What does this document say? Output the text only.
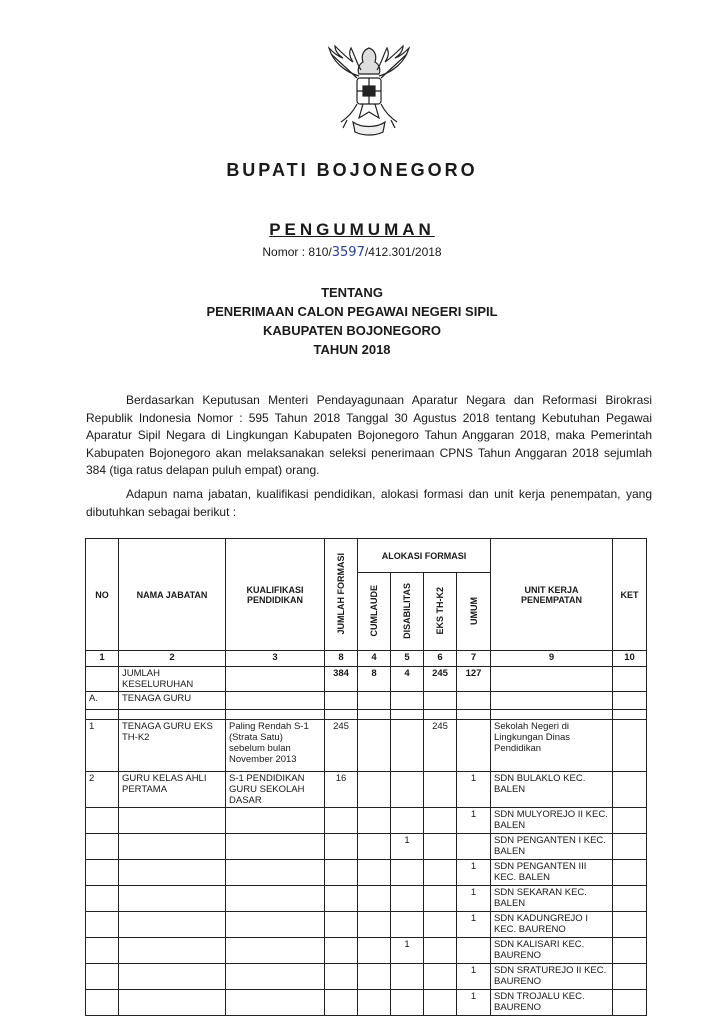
BUPATI BOJONEGORO
PENGUMUMAN
Nomor : 810/3597/412.301/2018
TENTANG
PENERIMAAN CALON PEGAWAI NEGERI SIPIL
KABUPATEN BOJONEGORO
TAHUN 2018
Berdasarkan Keputusan Menteri Pendayagunaan Aparatur Negara dan Reformasi Birokrasi Republik Indonesia Nomor : 595 Tahun 2018 Tanggal 30 Agustus 2018 tentang Kebutuhan Pegawai Aparatur Sipil Negara di Lingkungan Kabupaten Bojonegoro Tahun Anggaran 2018, maka Pemerintah Kabupaten Bojonegoro akan melaksanakan seleksi penerimaan CPNS Tahun Anggaran 2018 sejumlah 384 (tiga ratus delapan puluh empat) orang.
Adapun nama jabatan, kualifikasi pendidikan, alokasi formasi dan unit kerja penempatan, yang dibutuhkan sebagai berikut :
NO	NAMA JABATAN	KUALIFIKASI PENDIDIKAN	JUMLAH FORMASI	ALOKASI FORMASI				UNIT KERJA PENEMPATAN	KET
				CUMLAUDE	DISABILITAS	EKS TH-K2	UMUM		
1	2	3	8	4	5	6	7	9	10
	JUMLAH KESELURUHAN		384	8	4	245	127		
A.	TENAGA GURU								

1	TENAGA GURU EKS TH-K2	Paling Rendah S-1 (Strata Satu) sebelum bulan November 2013	245			245		Sekolah Negeri di Lingkungan Dinas Pendidikan	
2	GURU KELAS AHLI PERTAMA	S-1 PENDIDIKAN GURU SEKOLAH DASAR	16				1	SDN BULAKLO KEC. BALEN	
							1	SDN MULYOREJO II KEC. BALEN	
					1			SDN PENGANTEN I KEC. BALEN	
							1	SDN PENGANTEN III KEC. BALEN	
							1	SDN SEKARAN KEC. BALEN	
							1	SDN KADUNGREJO I KEC. BAURENO	
					1			SDN KALISARI KEC. BAURENO	
							1	SDN SRATUREJO II KEC. BAURENO	
							1	SDN TROJALU KEC. BAURENO	
